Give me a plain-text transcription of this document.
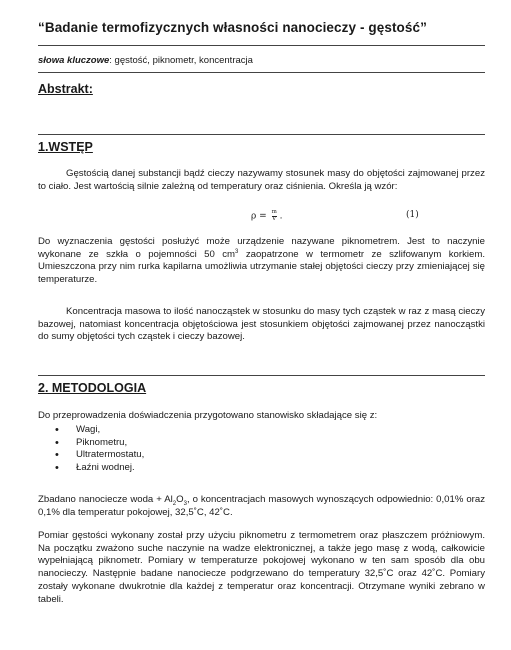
“Badanie termofizycznych własności nanocieczy - gęstość”
słowa kluczowe: gęstość, piknometr, koncentracja
Abstrakt:
1.WSTĘP

Gęstością danej substancji bądź cieczy nazywamy stosunek masy do objętości zajmowanej przez to ciało. Jest wartością silnie zależną od temperatury oraz ciśnienia. Określa ją wzór:

$\rho = \frac{m}{V}$ .	(1)

Do wyznaczenia gęstości posłużyć może urządzenie nazywane piknometrem. Jest to naczynie wykonane ze szkła o pojemności 50 $cm^3$ zaopatrzone w termometr ze szlifowanym korkiem. Umieszczona przy nim rurka kapilarna umożliwia utrzymanie stałej objętości cieczy przy zmieniającej się temperaturze.

Koncentracja masowa to ilość nanocząstek w stosunku do masy tych cząstek w raz z masą cieczy bazowej, natomiast koncentracja objętościowa jest stosunkiem objętości zajmowanej przez nanocząstki do sumy objętości tych cząstek i cieczy bazowej.

2. METODOLOGIA

Do przeprowadzenia doświadczenia przygotowano stanowisko składające się z:

• Wagi,
• Piknometru,
• Ultratermostatu,
• Łaźni wodnej.

Zbadano nanociecze woda + $Al_2O_3$, o koncentracjach masowych wynoszących odpowiednio: 0,01% oraz 0,1% dla temperatur pokojowej, 32,5˚C, 42˚C.

Pomiar gęstości wykonany został przy użyciu piknometru z termometrem oraz płaszczem próżniowym. Na początku zważono suche naczynie na wadze elektronicznej, a także jego masę z wodą, całkowicie wypełniającą piknometr. Pomiary w temperaturze pokojowej wykonano w ten sam sposób dla obu nanocieczy. Następnie badane nanociecze podgrzewano do temperatury 32,5˚C oraz 42˚C. Pomiary zostały wykonane dwukrotnie dla każdej z temperatur oraz koncentracji. Otrzymane wyniki zebrano w tabeli.
